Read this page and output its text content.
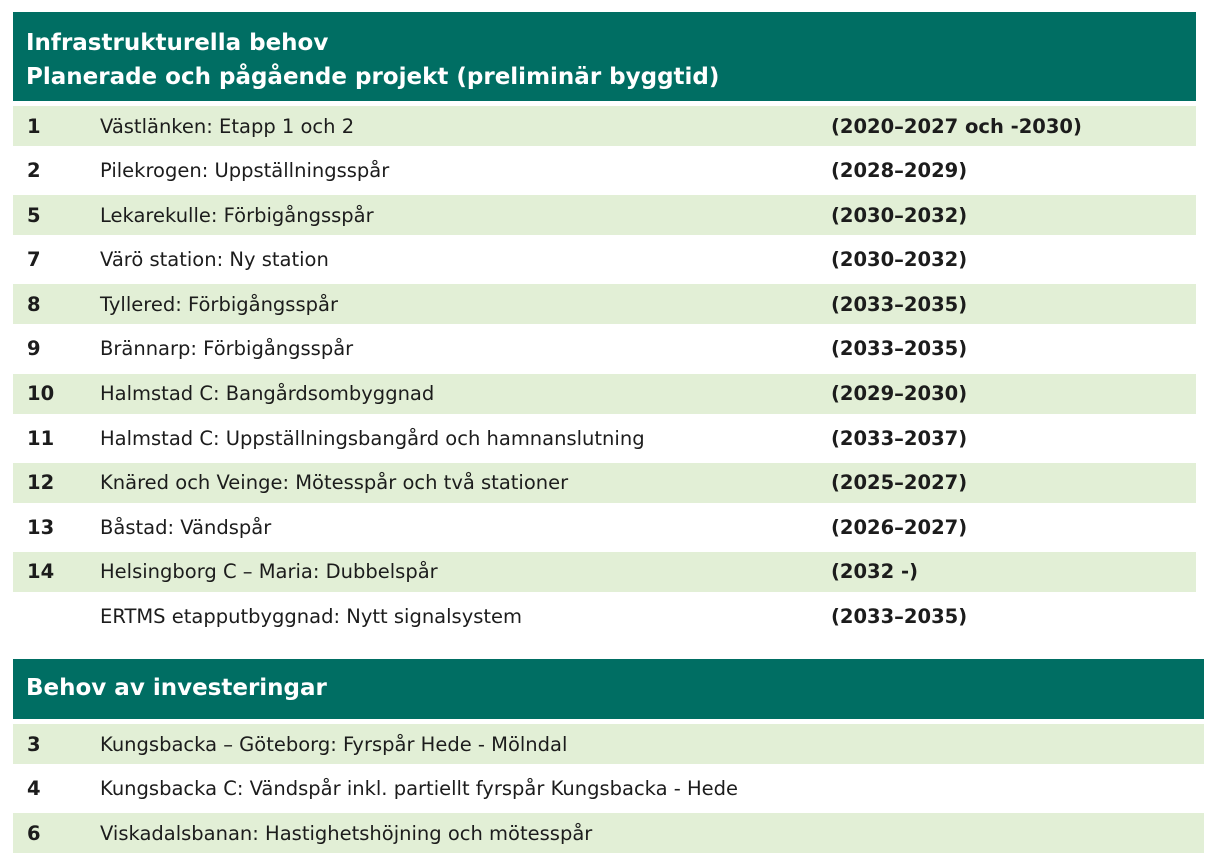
Infrastrukturella behov
Planerade och pågående projekt (preliminär byggtid)
1	Västlänken: Etapp 1 och 2	(2020–2027 och -2030)
2	Pilekrogen: Uppställningsspår	(2028–2029)
5	Lekarekulle: Förbigångsspår	(2030–2032)
7	Värö station: Ny station	(2030–2032)
8	Tyllered: Förbigångsspår	(2033–2035)
9	Brännarp: Förbigångsspår	(2033–2035)
10	Halmstad C: Bangårdsombyggnad	(2029–2030)
11	Halmstad C: Uppställningsbangård och hamnanslutning	(2033–2037)
12	Knäred och Veinge: Mötesspår och två stationer	(2025–2027)
13	Båstad: Vändspår	(2026–2027)
14	Helsingborg C – Maria: Dubbelspår	(2032 -)
ERTMS etapputbyggnad: Nytt signalsystem	(2033–2035)
Behov av investeringar
3	Kungsbacka – Göteborg: Fyrspår Hede - Mölndal
4	Kungsbacka C: Vändspår inkl. partiellt fyrspår Kungsbacka - Hede
6	Viskadalsbanan: Hastighetshöjning och mötesspår
